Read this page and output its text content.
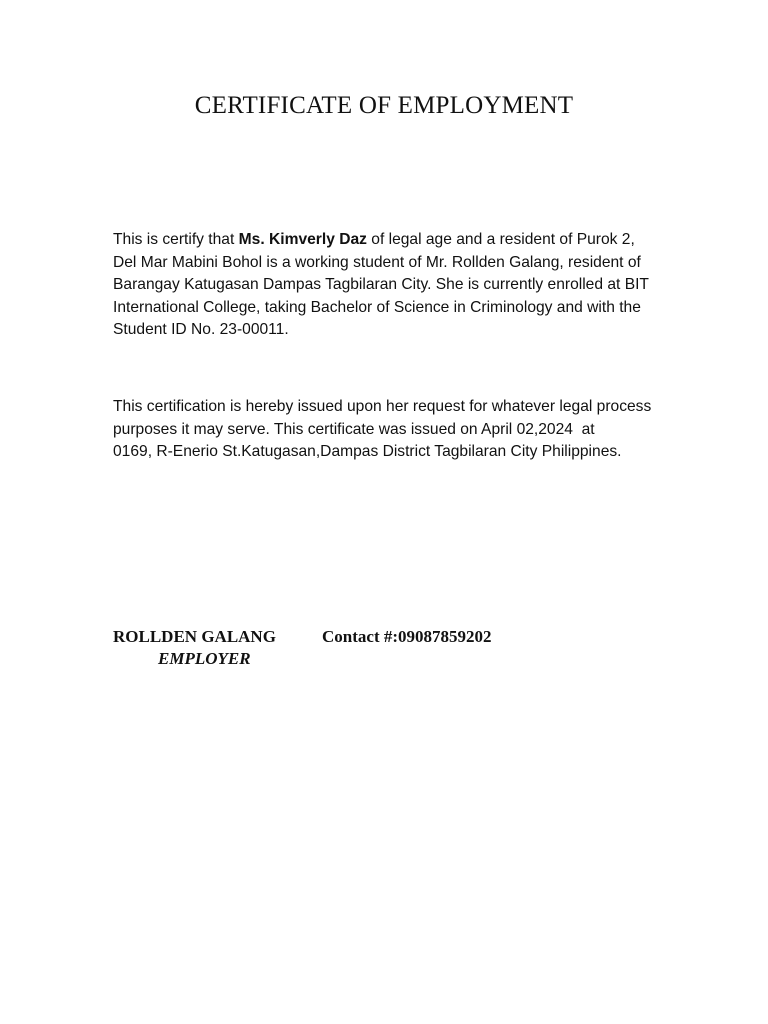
CERTIFICATE OF EMPLOYMENT

This is certify that Ms. Kimverly Daz of legal age and a resident of Purok 2,
Del Mar Mabini Bohol is a working student of Mr. Rollden Galang, resident of
Barangay Katugasan Dampas Tagbilaran City. She is currently enrolled at BIT
International College, taking Bachelor of Science in Criminology and with the
Student ID No. 23-00011.

This certification is hereby issued upon her request for whatever legal process
purposes it may serve. This certificate was issued on April 02,2024  at
0169, R-Enerio St.Katugasan,Dampas District Tagbilaran City Philippines.

ROLLDEN GALANG	Contact #:09087859202
EMPLOYER
